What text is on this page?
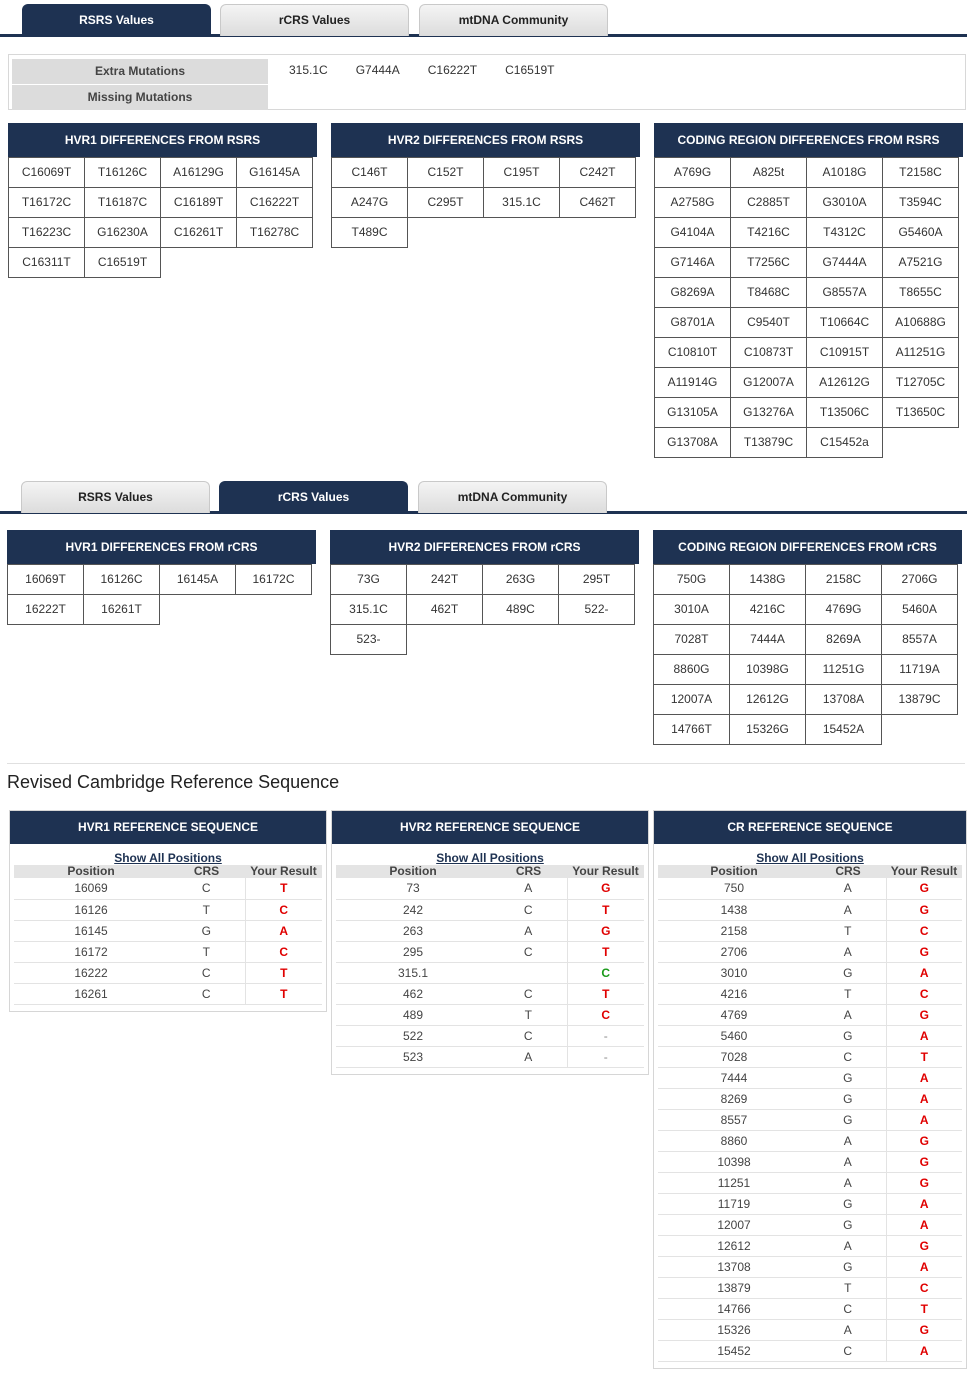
RSRS Values	rCRS Values	mtDNA Community
Extra Mutations
Missing Mutations
315.1C G7444A C16222T C16519T
HVR1 DIFFERENCES FROM RSRS
C16069T	T16126C	A16129G	G16145A
T16172C	T16187C	C16189T	C16222T
T16223C	G16230A	C16261T	T16278C
C16311T	C16519T
HVR2 DIFFERENCES FROM RSRS
C146T	C152T	C195T	C242T
A247G	C295T	315.1C	C462T
T489C
CODING REGION DIFFERENCES FROM RSRS
A769G	A825t	A1018G	T2158C
A2758G	C2885T	G3010A	T3594C
G4104A	T4216C	T4312C	G5460A
G7146A	T7256C	G7444A	A7521G
G8269A	T8468C	G8557A	T8655C
G8701A	C9540T	T10664C	A10688G
C10810T	C10873T	C10915T	A11251G
A11914G	G12007A	A12612G	T12705C
G13105A	G13276A	T13506C	T13650C
G13708A	T13879C	C15452a
RSRS Values	rCRS Values	mtDNA Community
HVR1 DIFFERENCES FROM rCRS
16069T	16126C	16145A	16172C
16222T	16261T
HVR2 DIFFERENCES FROM rCRS
73G	242T	263G	295T
315.1C	462T	489C	522-
523-
CODING REGION DIFFERENCES FROM rCRS
750G	1438G	2158C	2706G
3010A	4216C	4769G	5460A
7028T	7444A	8269A	8557A
8860G	10398G	11251G	11719A
12007A	12612G	13708A	13879C
14766T	15326G	15452A
Revised Cambridge Reference Sequence
HVR1 REFERENCE SEQUENCE
Show All Positions
Position	CRS	Your Result
16069	C	T
16126	T	C
16145	G	A
16172	T	C
16222	C	T
16261	C	T
HVR2 REFERENCE SEQUENCE
Show All Positions
Position	CRS	Your Result
73	A	G
242	C	T
263	A	G
295	C	T
315.1		C
462	C	T
489	T	C
522	C	-
523	A	-
CR REFERENCE SEQUENCE
Show All Positions
Position	CRS	Your Result
750	A	G
1438	A	G
2158	T	C
2706	A	G
3010	G	A
4216	T	C
4769	A	G
5460	G	A
7028	C	T
7444	G	A
8269	G	A
8557	G	A
8860	A	G
10398	A	G
11251	A	G
11719	G	A
12007	G	A
12612	A	G
13708	G	A
13879	T	C
14766	C	T
15326	A	G
15452	C	A
